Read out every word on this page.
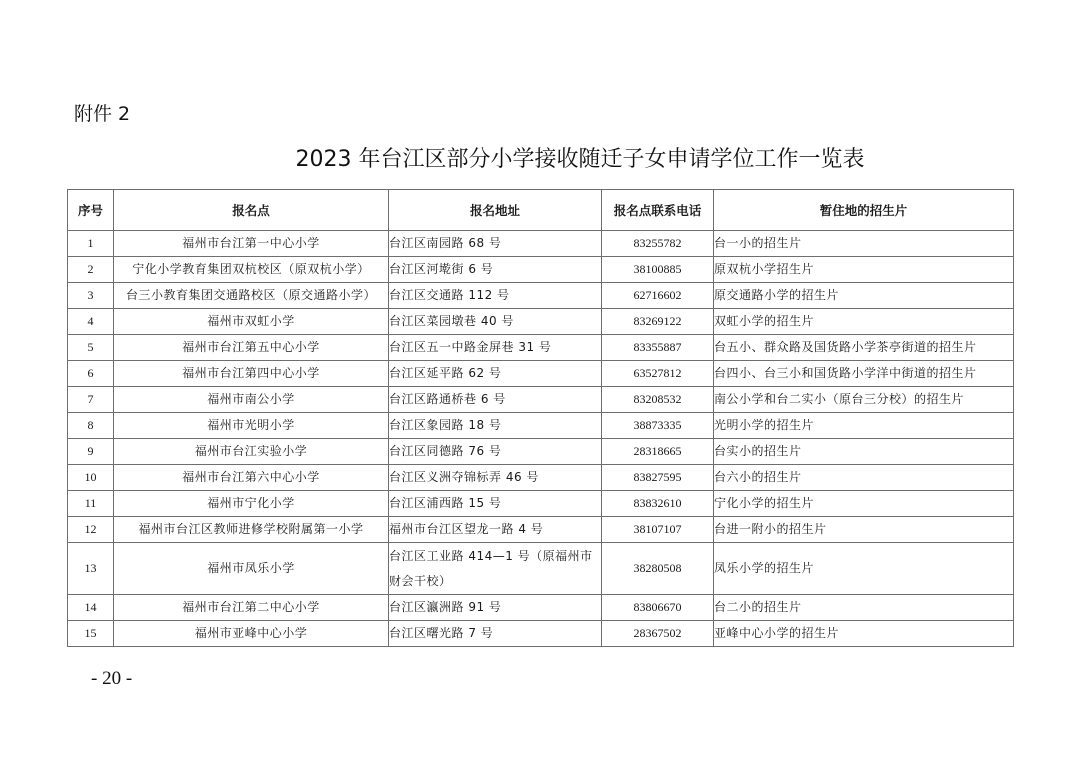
附件 2
2023 年台江区部分小学接收随迁子女申请学位工作一览表
序号	报名点	报名地址	报名点联系电话	暂住地的招生片
1	福州市台江第一中心小学	台江区南园路 68 号	83255782	台一小的招生片
2	宁化小学教育集团双杭校区（原双杭小学）	台江区河墘街 6 号	38100885	原双杭小学招生片
3	台三小教育集团交通路校区（原交通路小学）	台江区交通路 112 号	62716602	原交通路小学的招生片
4	福州市双虹小学	台江区菜园墩巷 40 号	83269122	双虹小学的招生片
5	福州市台江第五中心小学	台江区五一中路金屏巷 31 号	83355887	台五小、群众路及国货路小学茶亭街道的招生片
6	福州市台江第四中心小学	台江区延平路 62 号	63527812	台四小、台三小和国货路小学洋中街道的招生片
7	福州市南公小学	台江区路通桥巷 6 号	83208532	南公小学和台二实小（原台三分校）的招生片
8	福州市光明小学	台江区象园路 18 号	38873335	光明小学的招生片
9	福州市台江实验小学	台江区同德路 76 号	28318665	台实小的招生片
10	福州市台江第六中心小学	台江区义洲夺锦标弄 46 号	83827595	台六小的招生片
11	福州市宁化小学	台江区浦西路 15 号	83832610	宁化小学的招生片
12	福州市台江区教师进修学校附属第一小学	福州市台江区望龙一路 4 号	38107107	台进一附小的招生片
13	福州市凤乐小学	台江区工业路 414—1 号（原福州市财会干校）	38280508	凤乐小学的招生片
14	福州市台江第二中心小学	台江区瀛洲路 91 号	83806670	台二小的招生片
15	福州市亚峰中心小学	台江区曙光路 7 号	28367502	亚峰中心小学的招生片
- 20 -
